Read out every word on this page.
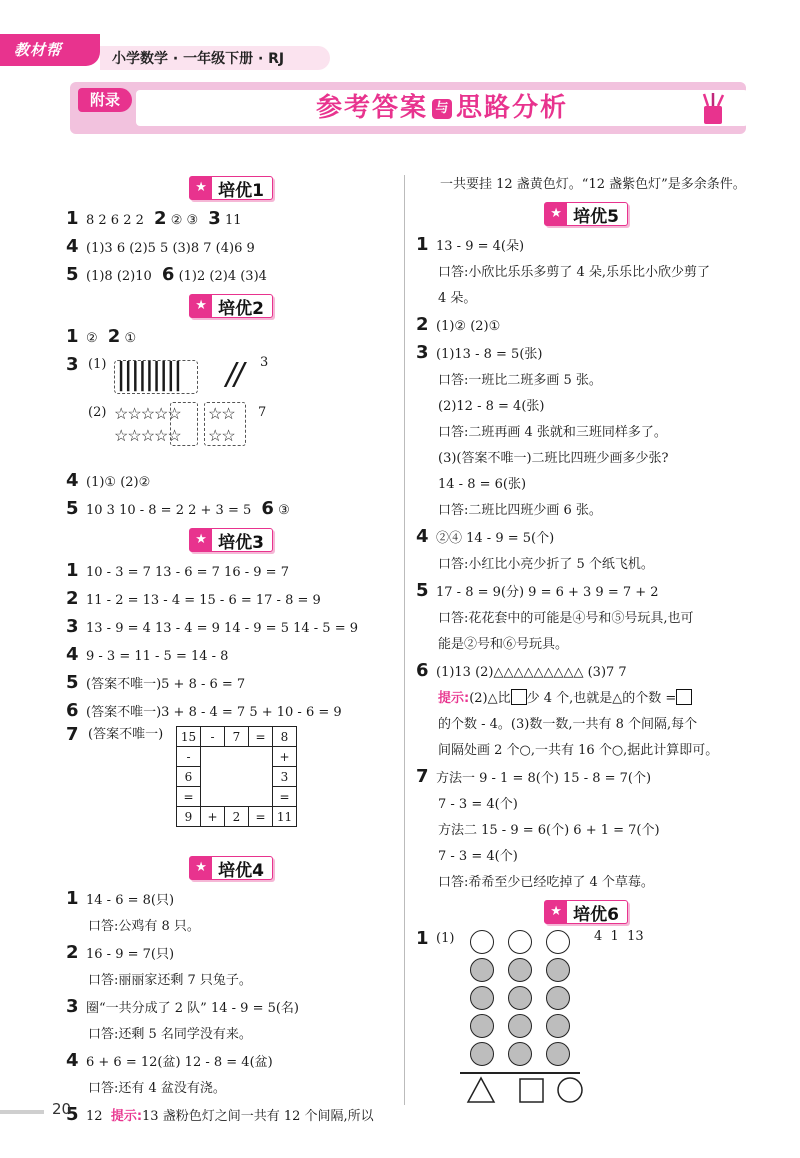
教材帮	小学数学 · 一年级下册 · RJ
附录	参考答案 与 思路分析
★ 培优1
1 8 2 6 2 2 2 ② ③ 3 11
4 (1)3 6 (2)5 5 (3)8 7 (4)6 9
5 (1)8 (2)10 6 (1)2 (2)4 (3)4
★ 培优2
1 ② 2 ①
3 (1) ||||||||| // 3
(2) ☆☆☆☆☆
☆☆☆☆☆
☆☆
☆☆
7
4 (1)① (2)②
5 10 3 10 - 8 = 2 2 + 3 = 5 6 ③
★ 培优3
1 10 - 3 = 7 13 - 6 = 7 16 - 9 = 7
2 11 - 2 = 13 - 4 = 15 - 6 = 17 - 8 = 9
3 13 - 9 = 4 13 - 4 = 9 14 - 9 = 5 14 - 5 = 9
4 9 - 3 = 11 - 5 = 14 - 8
5 (答案不唯一)5 + 8 - 6 = 7
6 (答案不唯一)3 + 8 - 4 = 7 5 + 10 - 6 = 9
7 (答案不唯一) 15	-	7	=	8
-				+
6				3
=				=
9	+	2	=	11
★ 培优4
1 14 - 6 = 8(只)
口答:公鸡有 8 只。
2 16 - 9 = 7(只)
口答:丽丽家还剩 7 只兔子。
3 圈“一共分成了 2 队” 14 - 9 = 5(名)
口答:还剩 5 名同学没有来。
4 6 + 6 = 12(盆) 12 - 8 = 4(盆)
口答:还有 4 盆没有浇。
5 12 提示:13 盏粉色灯之间一共有 12 个间隔,所以
一共要挂 12 盏黄色灯。“12 盏紫色灯”是多余条件。
★ 培优5
1 13 - 9 = 4(朵)
口答:小欣比乐乐多剪了 4 朵,乐乐比小欣少剪了
4 朵。
2 (1)② (2)①
3 (1)13 - 8 = 5(张)
口答:一班比二班多画 5 张。
(2)12 - 8 = 4(张)
口答:二班再画 4 张就和三班同样多了。
(3)(答案不唯一)二班比四班少画多少张?
14 - 8 = 6(张)
口答:二班比四班少画 6 张。
4 ②④ 14 - 9 = 5(个)
口答:小红比小亮少折了 5 个纸飞机。
5 17 - 8 = 9(分) 9 = 6 + 3 9 = 7 + 2
口答:花花套中的可能是④号和⑤号玩具,也可
能是②号和⑥号玩具。
6 (1)13 (2)△△△△△△△△△ (3)7 7
提示:(2)△比 少 4 个,也就是△的个数 =
的个数 - 4。(3)数一数,一共有 8 个间隔,每个
间隔处画 2 个○,一共有 16 个○,据此计算即可。
7 方法一 9 - 1 = 8(个) 15 - 8 = 7(个)
7 - 3 = 4(个)
方法二 15 - 9 = 6(个) 6 + 1 = 7(个)
7 - 3 = 4(个)
口答:希希至少已经吃掉了 4 个草莓。
★ 培优6
1 (1)	4  1  13
20
